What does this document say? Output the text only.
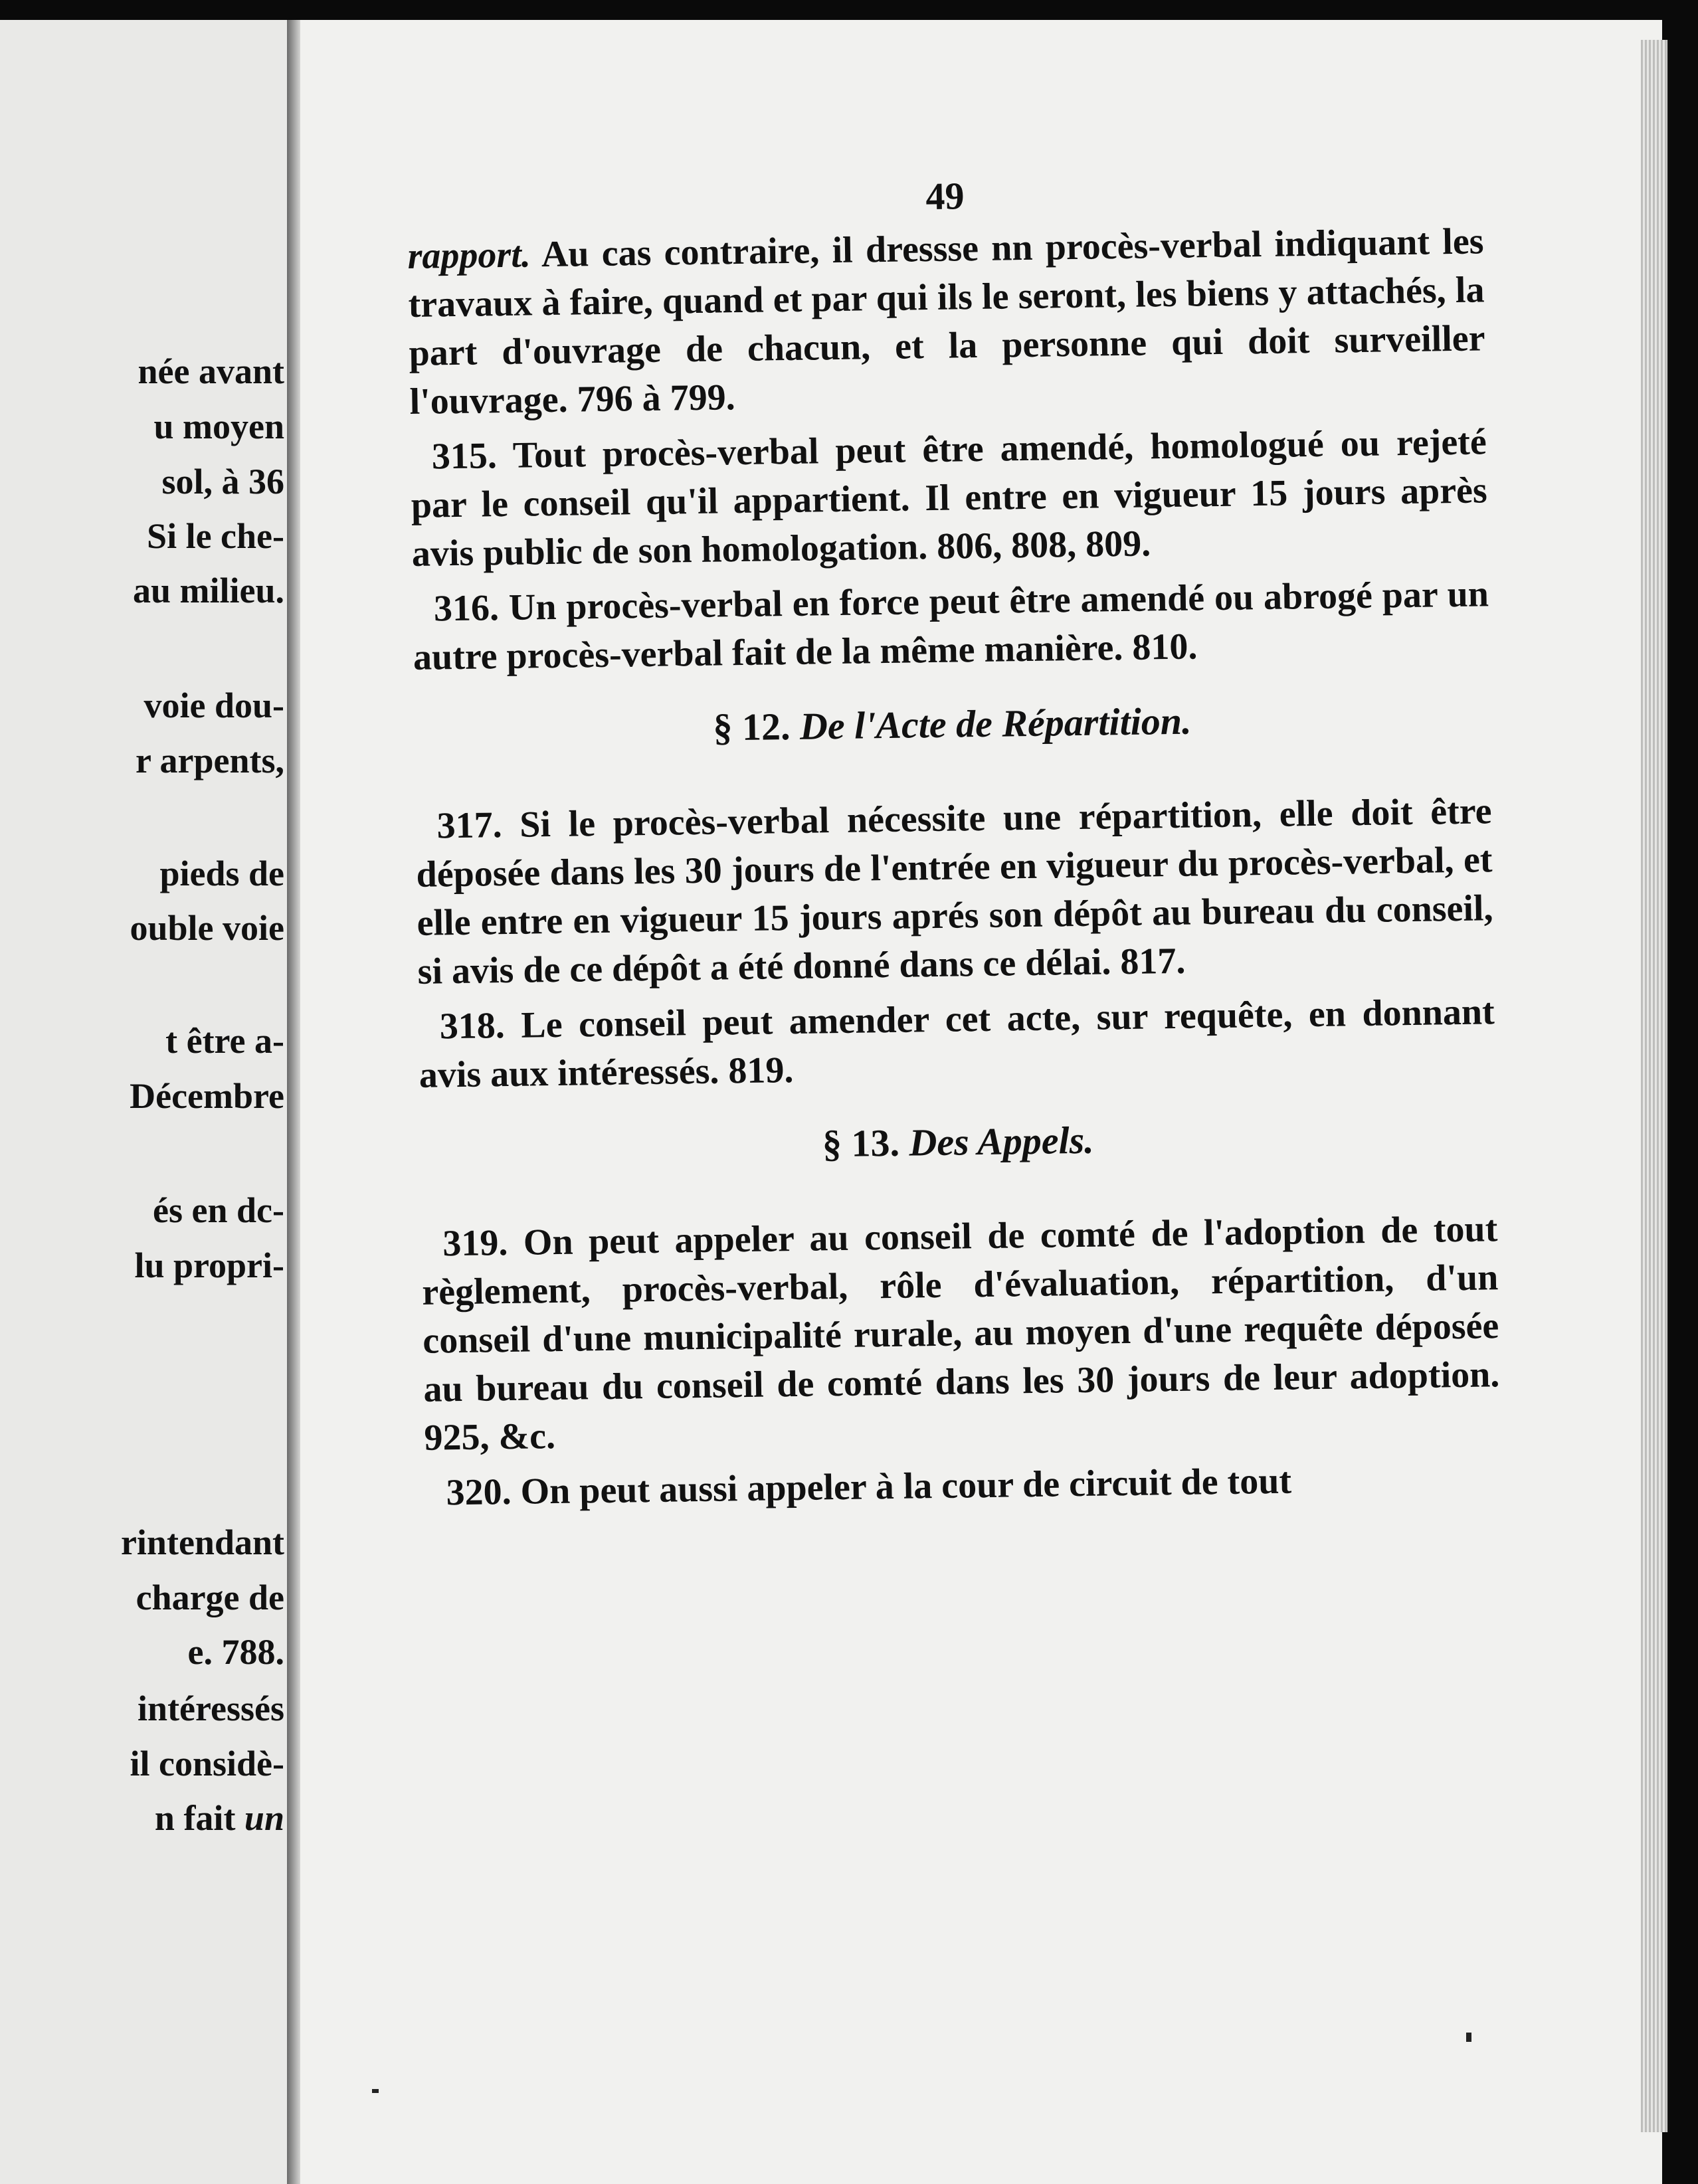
née avant
u moyen
sol, à 36
Si le che-
au milieu.
voie dou-
r arpents,
pieds de
ouble voie
t être a-
Décembre
és en dc-
lu propri-
rintendant
charge de
e. 788.
intéressés
il considè-
n fait un
49

rapport. Au cas contraire, il dressse nn procès-verbal indiquant les travaux à faire, quand et par qui ils le seront, les biens y attachés, la part d'ouvrage de chacun, et la personne qui doit surveiller l'ouvrage. 796 à 799.

315. Tout procès-verbal peut être amendé, homologué ou rejeté par le conseil qu'il appartient. Il entre en vigueur 15 jours après avis public de son homologation. 806, 808, 809.

316. Un procès-verbal en force peut être amendé ou abrogé par un autre procès-verbal fait de la même manière. 810.

§ 12. De l'Acte de Répartition.

317. Si le procès-verbal nécessite une répartition, elle doit être déposée dans les 30 jours de l'entrée en vigueur du procès-verbal, et elle entre en vigueur 15 jours aprés son dépôt au bureau du conseil, si avis de ce dépôt a été donné dans ce délai. 817.

318. Le conseil peut amender cet acte, sur requête, en donnant avis aux intéressés. 819.

§ 13. Des Appels.

319. On peut appeler au conseil de comté de l'adoption de tout règlement, procès-verbal, rôle d'évaluation, répartition, d'un conseil d'une municipalité rurale, au moyen d'une requête déposée au bureau du conseil de comté dans les 30 jours de leur adoption. 925, &c.

320. On peut aussi appeler à la cour de circuit de tout
